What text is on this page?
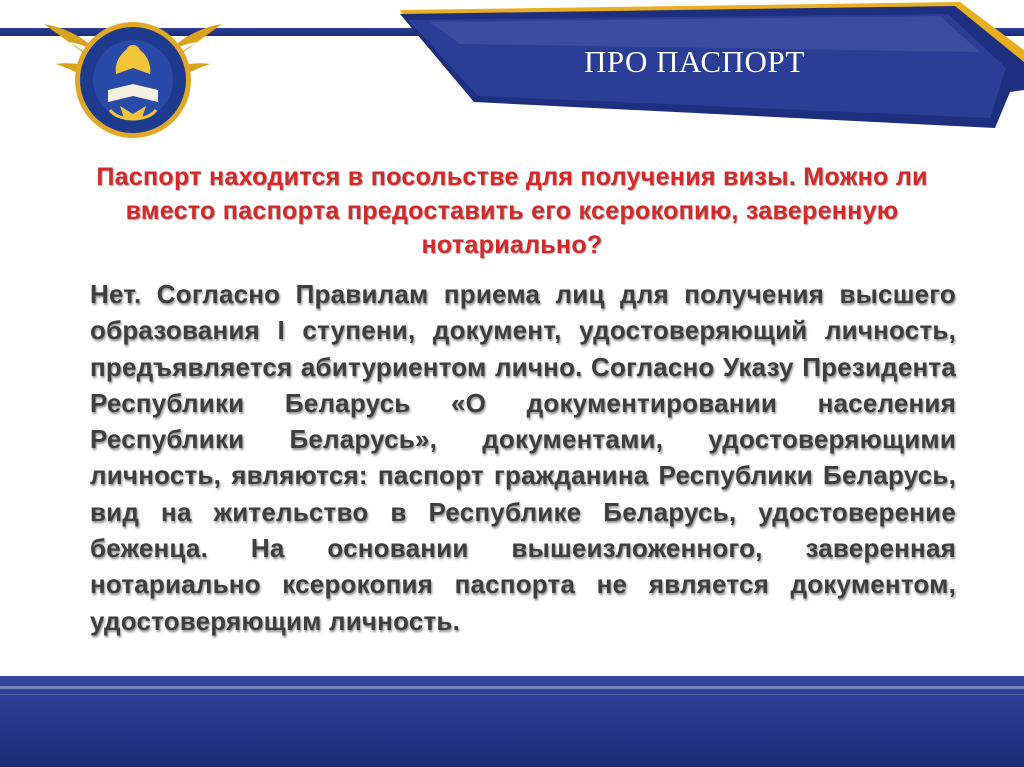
ПРО ПАСПОРТ
Паспорт находится в посольстве для получения визы. Можно ли вместо паспорта предоставить его ксерокопию, заверенную нотариально?
Нет. Согласно Правилам приема лиц для получения высшего образования I ступени, документ, удостоверяющий личность, предъявляется абитуриентом лично. Согласно Указу Президента Республики Беларусь «О документировании населения Республики Беларусь», документами, удостоверяющими личность, являются: паспорт гражданина Республики Беларусь, вид на жительство в Республике Беларусь, удостоверение беженца. На основании вышеизложенного, заверенная нотариально ксерокопия паспорта не является документом, удостоверяющим личность.
